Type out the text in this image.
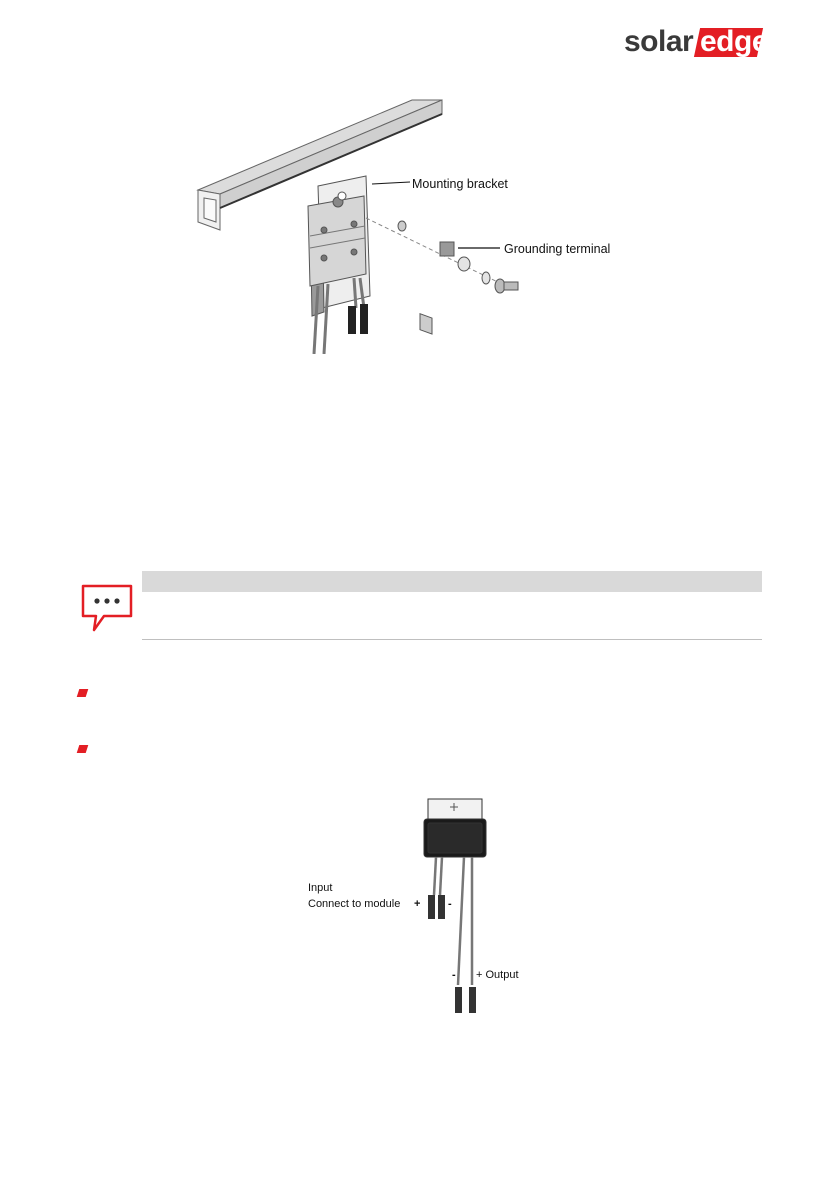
solar edge
Mounting bracket
Grounding terminal
Input
Connect to module +	-
- + Output
